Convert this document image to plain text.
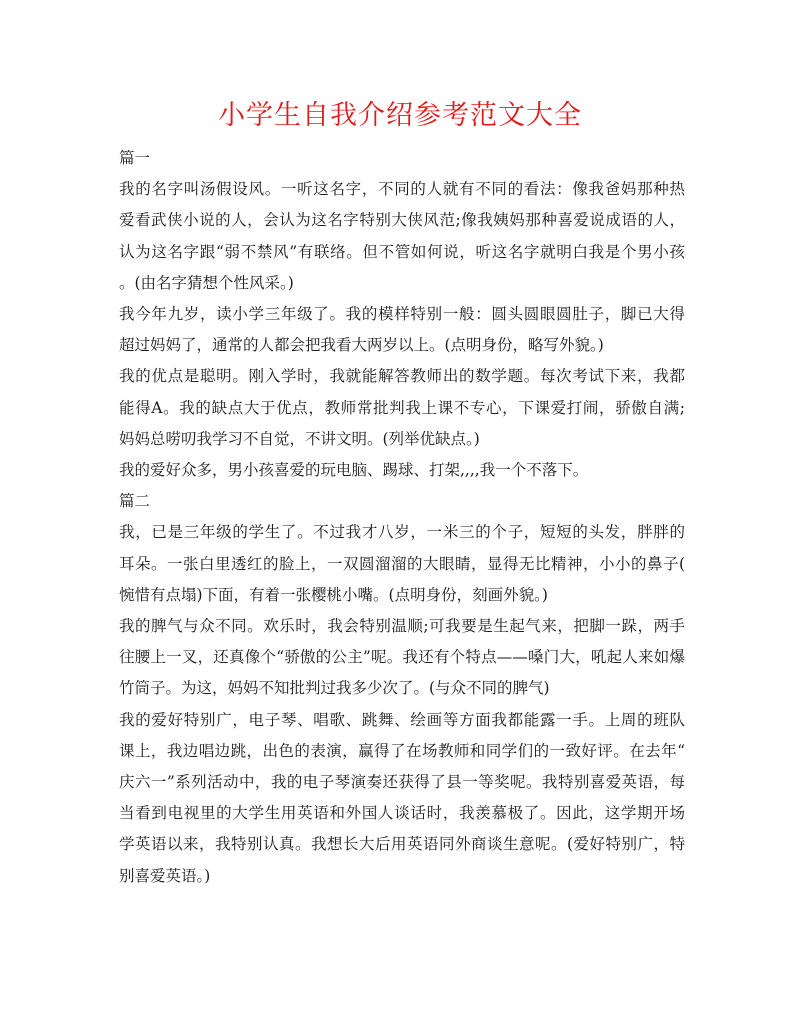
小学生自我介绍参考范文大全
篇一

我的名字叫汤假设风。一听这名字，不同的人就有不同的看法：像我爸妈那种热
爱看武侠小说的人，会认为这名字特别大侠风范;像我姨妈那种喜爱说成语的人，
认为这名字跟“弱不禁风”有联络。但不管如何说，听这名字就明白我是个男小孩
。(由名字猜想个性风采。)

我今年九岁，读小学三年级了。我的模样特别一般：圆头圆眼圆肚子，脚已大得
超过妈妈了，通常的人都会把我看大两岁以上。(点明身份，略写外貌。)

我的优点是聪明。刚入学时，我就能解答教师出的数学题。每次考试下来，我都
能得A。我的缺点大于优点，教师常批判我上课不专心，下课爱打闹，骄傲自满;
妈妈总唠叨我学习不自觉，不讲文明。(列举优缺点。)

我的爱好众多，男小孩喜爱的玩电脑、踢球、打架,,,,我一个不落下。

篇二

我，已是三年级的学生了。不过我才八岁，一米三的个子，短短的头发，胖胖的
耳朵。一张白里透红的脸上，一双圆溜溜的大眼睛，显得无比精神，小小的鼻子(
惋惜有点塌)下面，有着一张樱桃小嘴。(点明身份，刻画外貌。)

我的脾气与众不同。欢乐时，我会特别温顺;可我要是生起气来，把脚一跺，两手
往腰上一叉，还真像个“骄傲的公主”呢。我还有个特点——嗓门大，吼起人来如爆
竹筒子。为这，妈妈不知批判过我多少次了。(与众不同的脾气)

我的爱好特别广，电子琴、唱歌、跳舞、绘画等方面我都能露一手。上周的班队
课上，我边唱边跳，出色的表演，赢得了在场教师和同学们的一致好评。在去年“
庆六一”系列活动中，我的电子琴演奏还获得了县一等奖呢。我特别喜爱英语，每
当看到电视里的大学生用英语和外国人谈话时，我羡慕极了。因此，这学期开场
学英语以来，我特别认真。我想长大后用英语同外商谈生意呢。(爱好特别广，特
别喜爱英语。)
